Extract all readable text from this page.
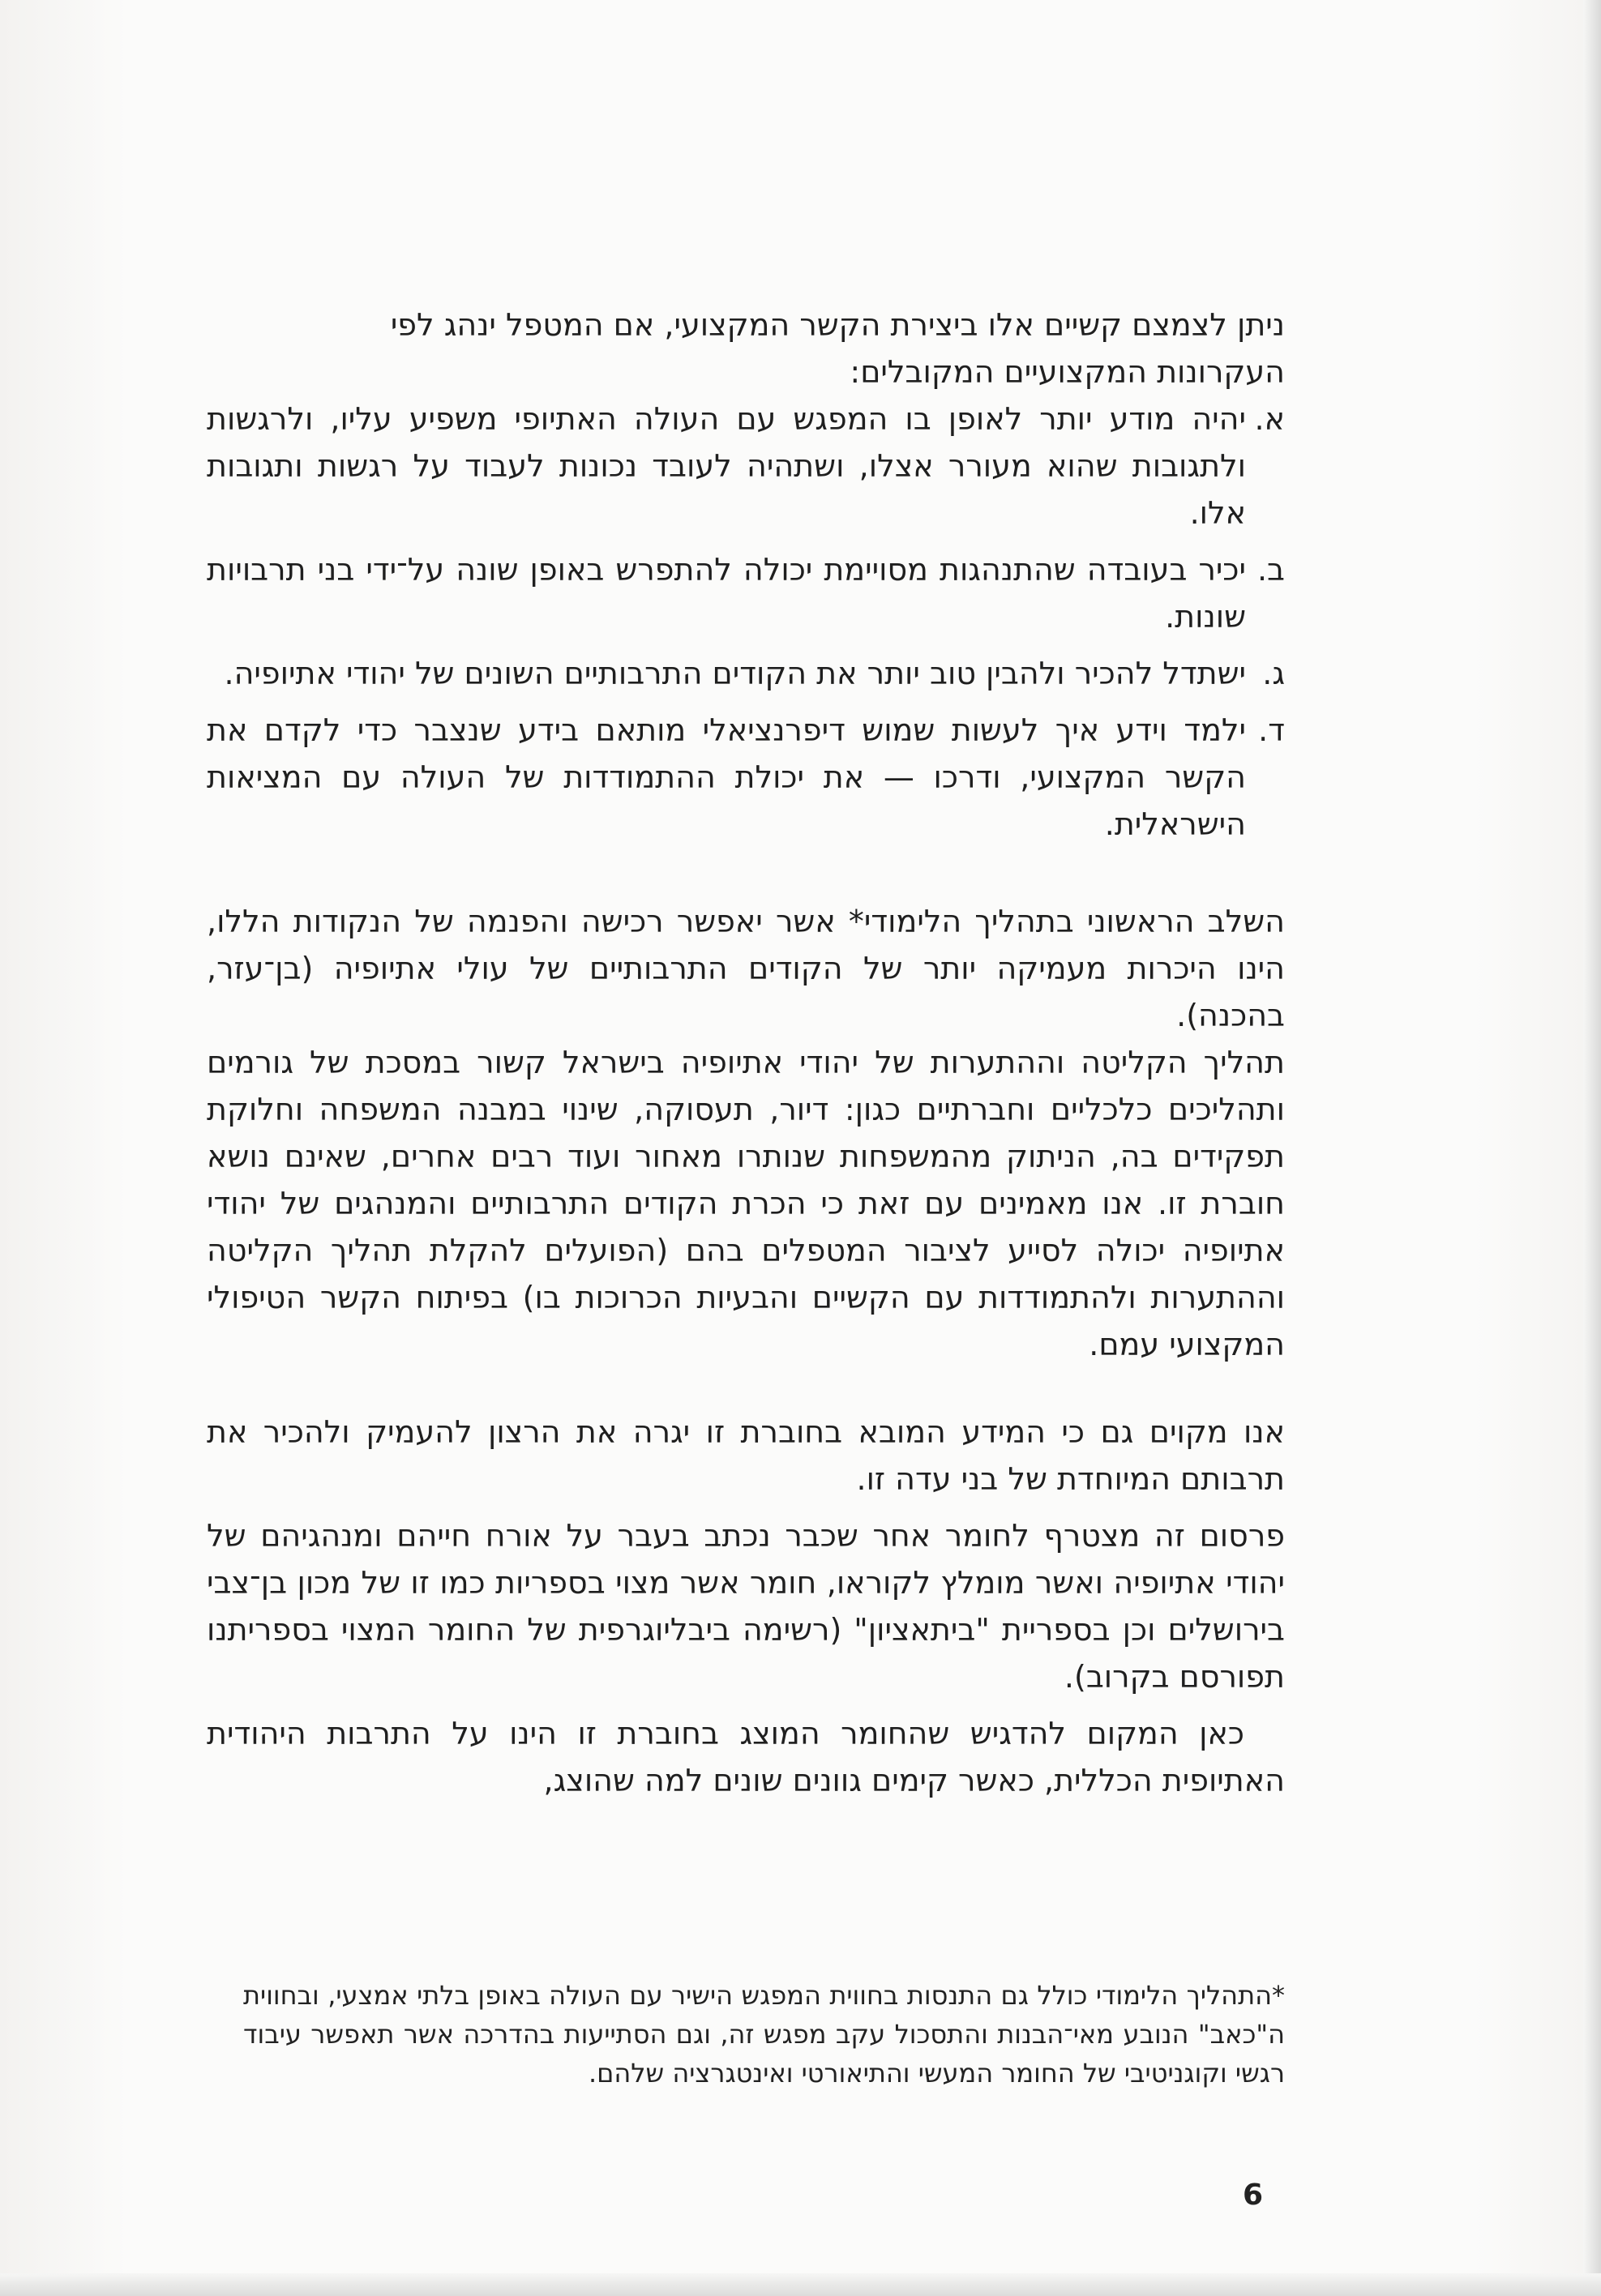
ניתן לצמצם קשיים אלו ביצירת הקשר המקצועי, אם המטפל ינהג לפי

העקרונות המקצועיים המקובלים:

א.
יהיה מודע יותר לאופן בו המפגש עם העולה האתיופי משפיע עליו, ולרגשות ולתגובות שהוא מעורר אצלו, ושתהיה לעובד נכונות לעבוד על רגשות ותגובות אלו.
ב.
יכיר בעובדה שהתנהגות מסויימת יכולה להתפרש באופן שונה על־ידי בני תרבויות שונות.
ג.
ישתדל להכיר ולהבין טוב יותר את הקודים התרבותיים השונים של יהודי אתיופיה.
ד.
ילמד וידע איך לעשות שמוש דיפרנציאלי מותאם בידע שנצבר כדי לקדם את הקשר המקצועי, ודרכו — את יכולת ההתמודדות של העולה עם המציאות הישראלית.

השלב הראשוני בתהליך הלימודי* אשר יאפשר רכישה והפנמה של הנקודות הללו, הינו היכרות מעמיקה יותר של הקודים התרבותיים של עולי אתיופיה (בן־עזר, בהכנה).

תהליך הקליטה וההתערות של יהודי אתיופיה בישראל קשור במסכת של גורמים ותהליכים כלכליים וחברתיים כגון: דיור, תעסוקה, שינוי במבנה המשפחה וחלוקת תפקידים בה, הניתוק מהמשפחות שנותרו מאחור ועוד רבים אחרים, שאינם נושא חוברת זו. אנו מאמינים עם זאת כי הכרת הקודים התרבותיים והמנהגים של יהודי אתיופיה יכולה לסייע לציבור המטפלים בהם (הפועלים להקלת תהליך הקליטה וההתערות ולהתמודדות עם הקשיים והבעיות הכרוכות בו) בפיתוח הקשר הטיפולי המקצועי עמם.

אנו מקוים גם כי המידע המובא בחוברת זו יגרה את הרצון להעמיק ולהכיר את תרבותם המיוחדת של בני עדה זו.

פרסום זה מצטרף לחומר אחר שכבר נכתב בעבר על אורח חייהם ומנהגיהם של יהודי אתיופיה ואשר מומלץ לקוראו, חומר אשר מצוי בספריות כמו זו של מכון בן־צבי בירושלים וכן בספריית "ביתאציון" (רשימה ביבליוגרפית של החומר המצוי בספריתנו תפורסם בקרוב).

כאן המקום להדגיש שהחומר המוצג בחוברת זו הינו על התרבות היהודית האתיופית הכללית, כאשר קימים גוונים שונים למה שהוצג,

*התהליך הלימודי כולל גם התנסות בחווית המפגש הישיר עם העולה באופן בלתי אמצעי, ובחווית ה"כאב" הנובע מאי־הבנות והתסכול עקב מפגש זה, וגם הסתייעות בהדרכה אשר תאפשר עיבוד רגשי וקוגניטיבי של החומר המעשי והתיאורטי ואינטגרציה שלהם.
6
